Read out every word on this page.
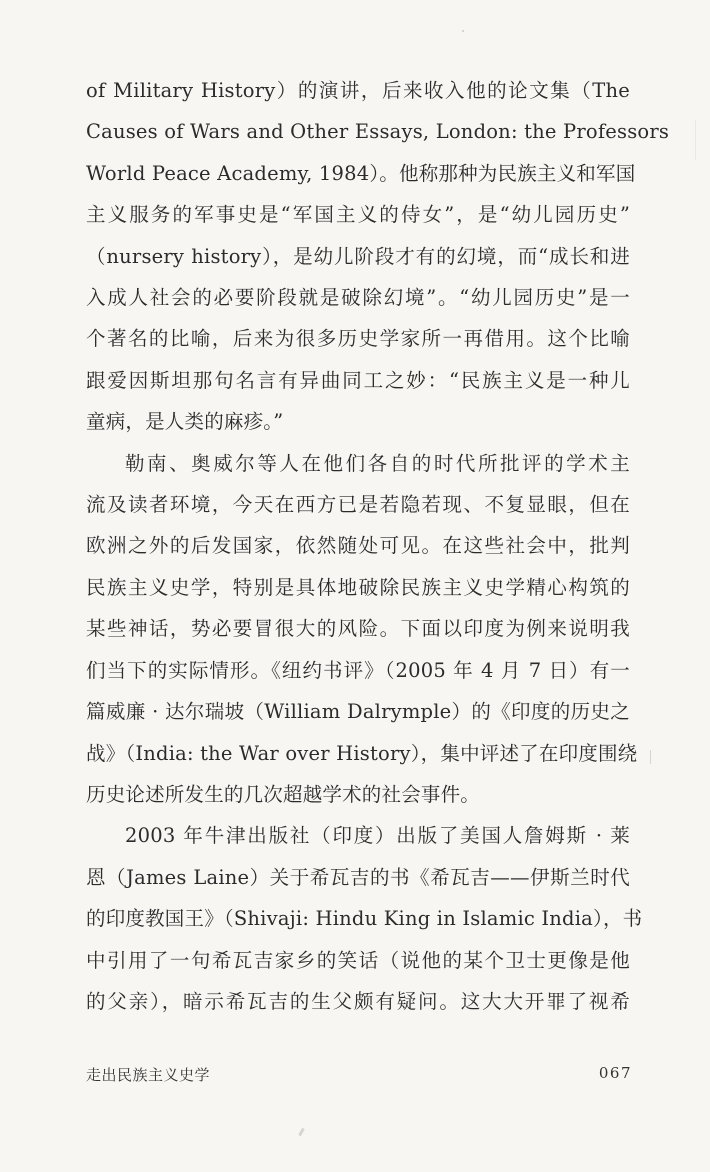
of Military History）的演讲，后来收入他的论文集（The
Causes of Wars and Other Essays, London: the Professors
World Peace Academy, 1984）。他称那种为民族主义和军国
主义服务的军事史是“军国主义的侍女”，是“幼儿园历史”
（nursery history），是幼儿阶段才有的幻境，而“成长和进
入成人社会的必要阶段就是破除幻境”。“幼儿园历史”是一
个著名的比喻，后来为很多历史学家所一再借用。这个比喻
跟爱因斯坦那句名言有异曲同工之妙：“民族主义是一种儿
童病，是人类的麻疹。”

勒南、奥威尔等人在他们各自的时代所批评的学术主
流及读者环境，今天在西方已是若隐若现、不复显眼，但在
欧洲之外的后发国家，依然随处可见。在这些社会中，批判
民族主义史学，特别是具体地破除民族主义史学精心构筑的
某些神话，势必要冒很大的风险。下面以印度为例来说明我
们当下的实际情形。《纽约书评》（2005 年 4 月 7 日）有一
篇威廉 · 达尔瑞坡（William Dalrymple）的《印度的历史之
战》（India: the War over History），集中评述了在印度围绕
历史论述所发生的几次超越学术的社会事件。

2003 年牛津出版社（印度）出版了美国人詹姆斯 · 莱
恩（James Laine）关于希瓦吉的书《希瓦吉——伊斯兰时代
的印度教国王》（Shivaji: Hindu King in Islamic India），书
中引用了一句希瓦吉家乡的笑话（说他的某个卫士更像是他
的父亲），暗示希瓦吉的生父颇有疑问。这大大开罪了视希

走出民族主义史学	067
